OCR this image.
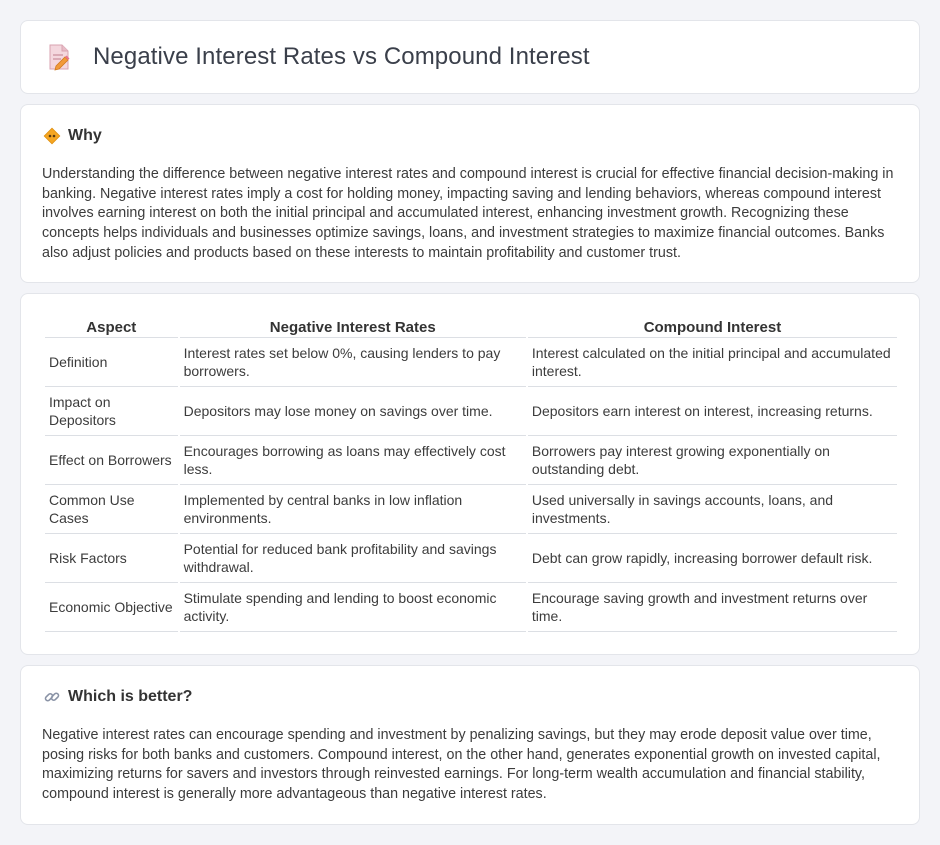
Negative Interest Rates vs Compound Interest
Why

Understanding the difference between negative interest rates and compound interest is crucial for effective financial decision-making in banking. Negative interest rates imply a cost for holding money, impacting saving and lending behaviors, whereas compound interest involves earning interest on both the initial principal and accumulated interest, enhancing investment growth. Recognizing these concepts helps individuals and businesses optimize savings, loans, and investment strategies to maximize financial outcomes. Banks also adjust policies and products based on these interests to maintain profitability and customer trust.

Aspect	Negative Interest Rates	Compound Interest
Definition	Interest rates set below 0%, causing lenders to pay borrowers.	Interest calculated on the initial principal and accumulated interest.
Impact on Depositors	Depositors may lose money on savings over time.	Depositors earn interest on interest, increasing returns.
Effect on Borrowers	Encourages borrowing as loans may effectively cost less.	Borrowers pay interest growing exponentially on outstanding debt.
Common Use Cases	Implemented by central banks in low inflation environments.	Used universally in savings accounts, loans, and investments.
Risk Factors	Potential for reduced bank profitability and savings withdrawal.	Debt can grow rapidly, increasing borrower default risk.
Economic Objective	Stimulate spending and lending to boost economic activity.	Encourage saving growth and investment returns over time.
Which is better?

Negative interest rates can encourage spending and investment by penalizing savings, but they may erode deposit value over time, posing risks for both banks and customers. Compound interest, on the other hand, generates exponential growth on invested capital, maximizing returns for savers and investors through reinvested earnings. For long-term wealth accumulation and financial stability, compound interest is generally more advantageous than negative interest rates.
